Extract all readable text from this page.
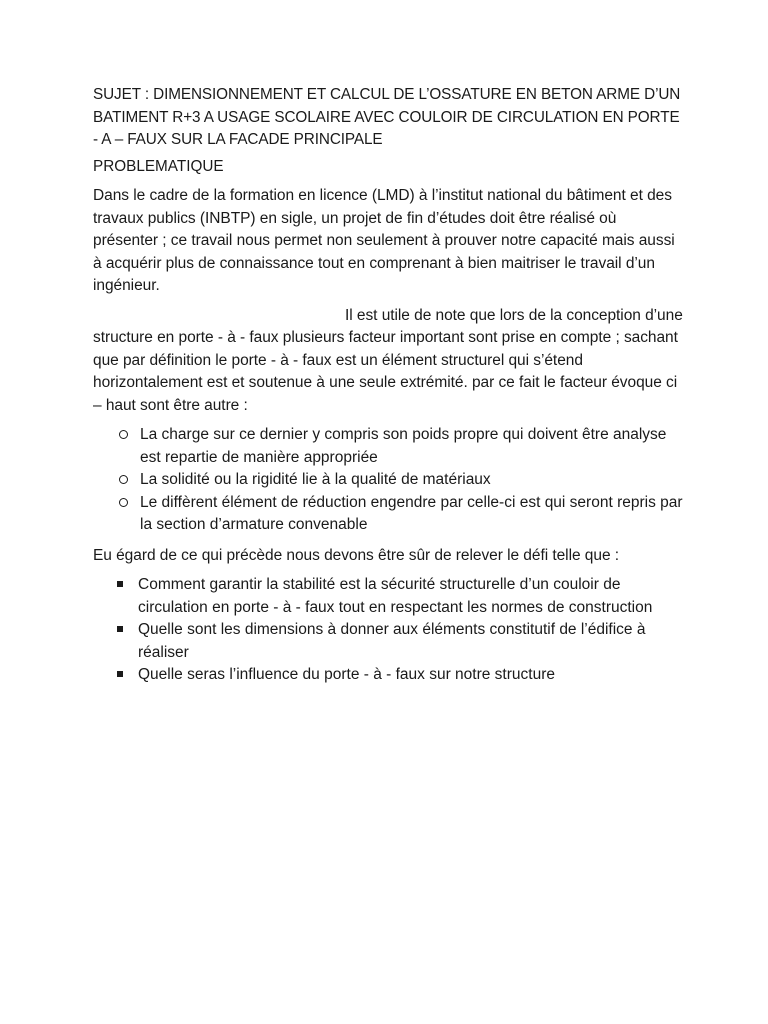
SUJET : DIMENSIONNEMENT ET CALCUL DE L’OSSATURE EN BETON ARME D’UN BATIMENT R+3 A USAGE SCOLAIRE AVEC COULOIR DE CIRCULATION EN PORTE - A – FAUX SUR LA FACADE PRINCIPALE

PROBLEMATIQUE

Dans le cadre de la formation en licence (LMD) à l’institut national du bâtiment et des travaux publics (INBTP) en sigle, un projet de fin d’études doit être réalisé où présenter ; ce travail nous permet non seulement à prouver notre capacité mais aussi à acquérir plus de connaissance tout en comprenant à bien maitriser le travail d’un ingénieur.

Il est utile de note que lors de la conception d’une structure en porte - à - faux plusieurs facteur important sont prise en compte ; sachant que par définition le porte - à - faux est un élément structurel qui s’étend horizontalement est et soutenue à une seule extrémité. par ce fait le facteur évoque ci – haut sont être autre :

La charge sur ce dernier y compris son poids propre qui doivent être analyse est repartie de manière appropriée
La solidité ou la rigidité lie à la qualité de matériaux
Le diffèrent élément de réduction engendre par celle-ci est qui seront repris par la section d’armature convenable

Eu égard de ce qui précède nous devons être sûr de relever le défi telle que :

Comment garantir la stabilité est la sécurité structurelle d’un couloir de circulation en porte - à - faux tout en respectant les normes de construction
Quelle sont les dimensions à donner aux éléments constitutif de l’édifice à réaliser
Quelle seras l’influence du porte - à - faux sur notre structure
